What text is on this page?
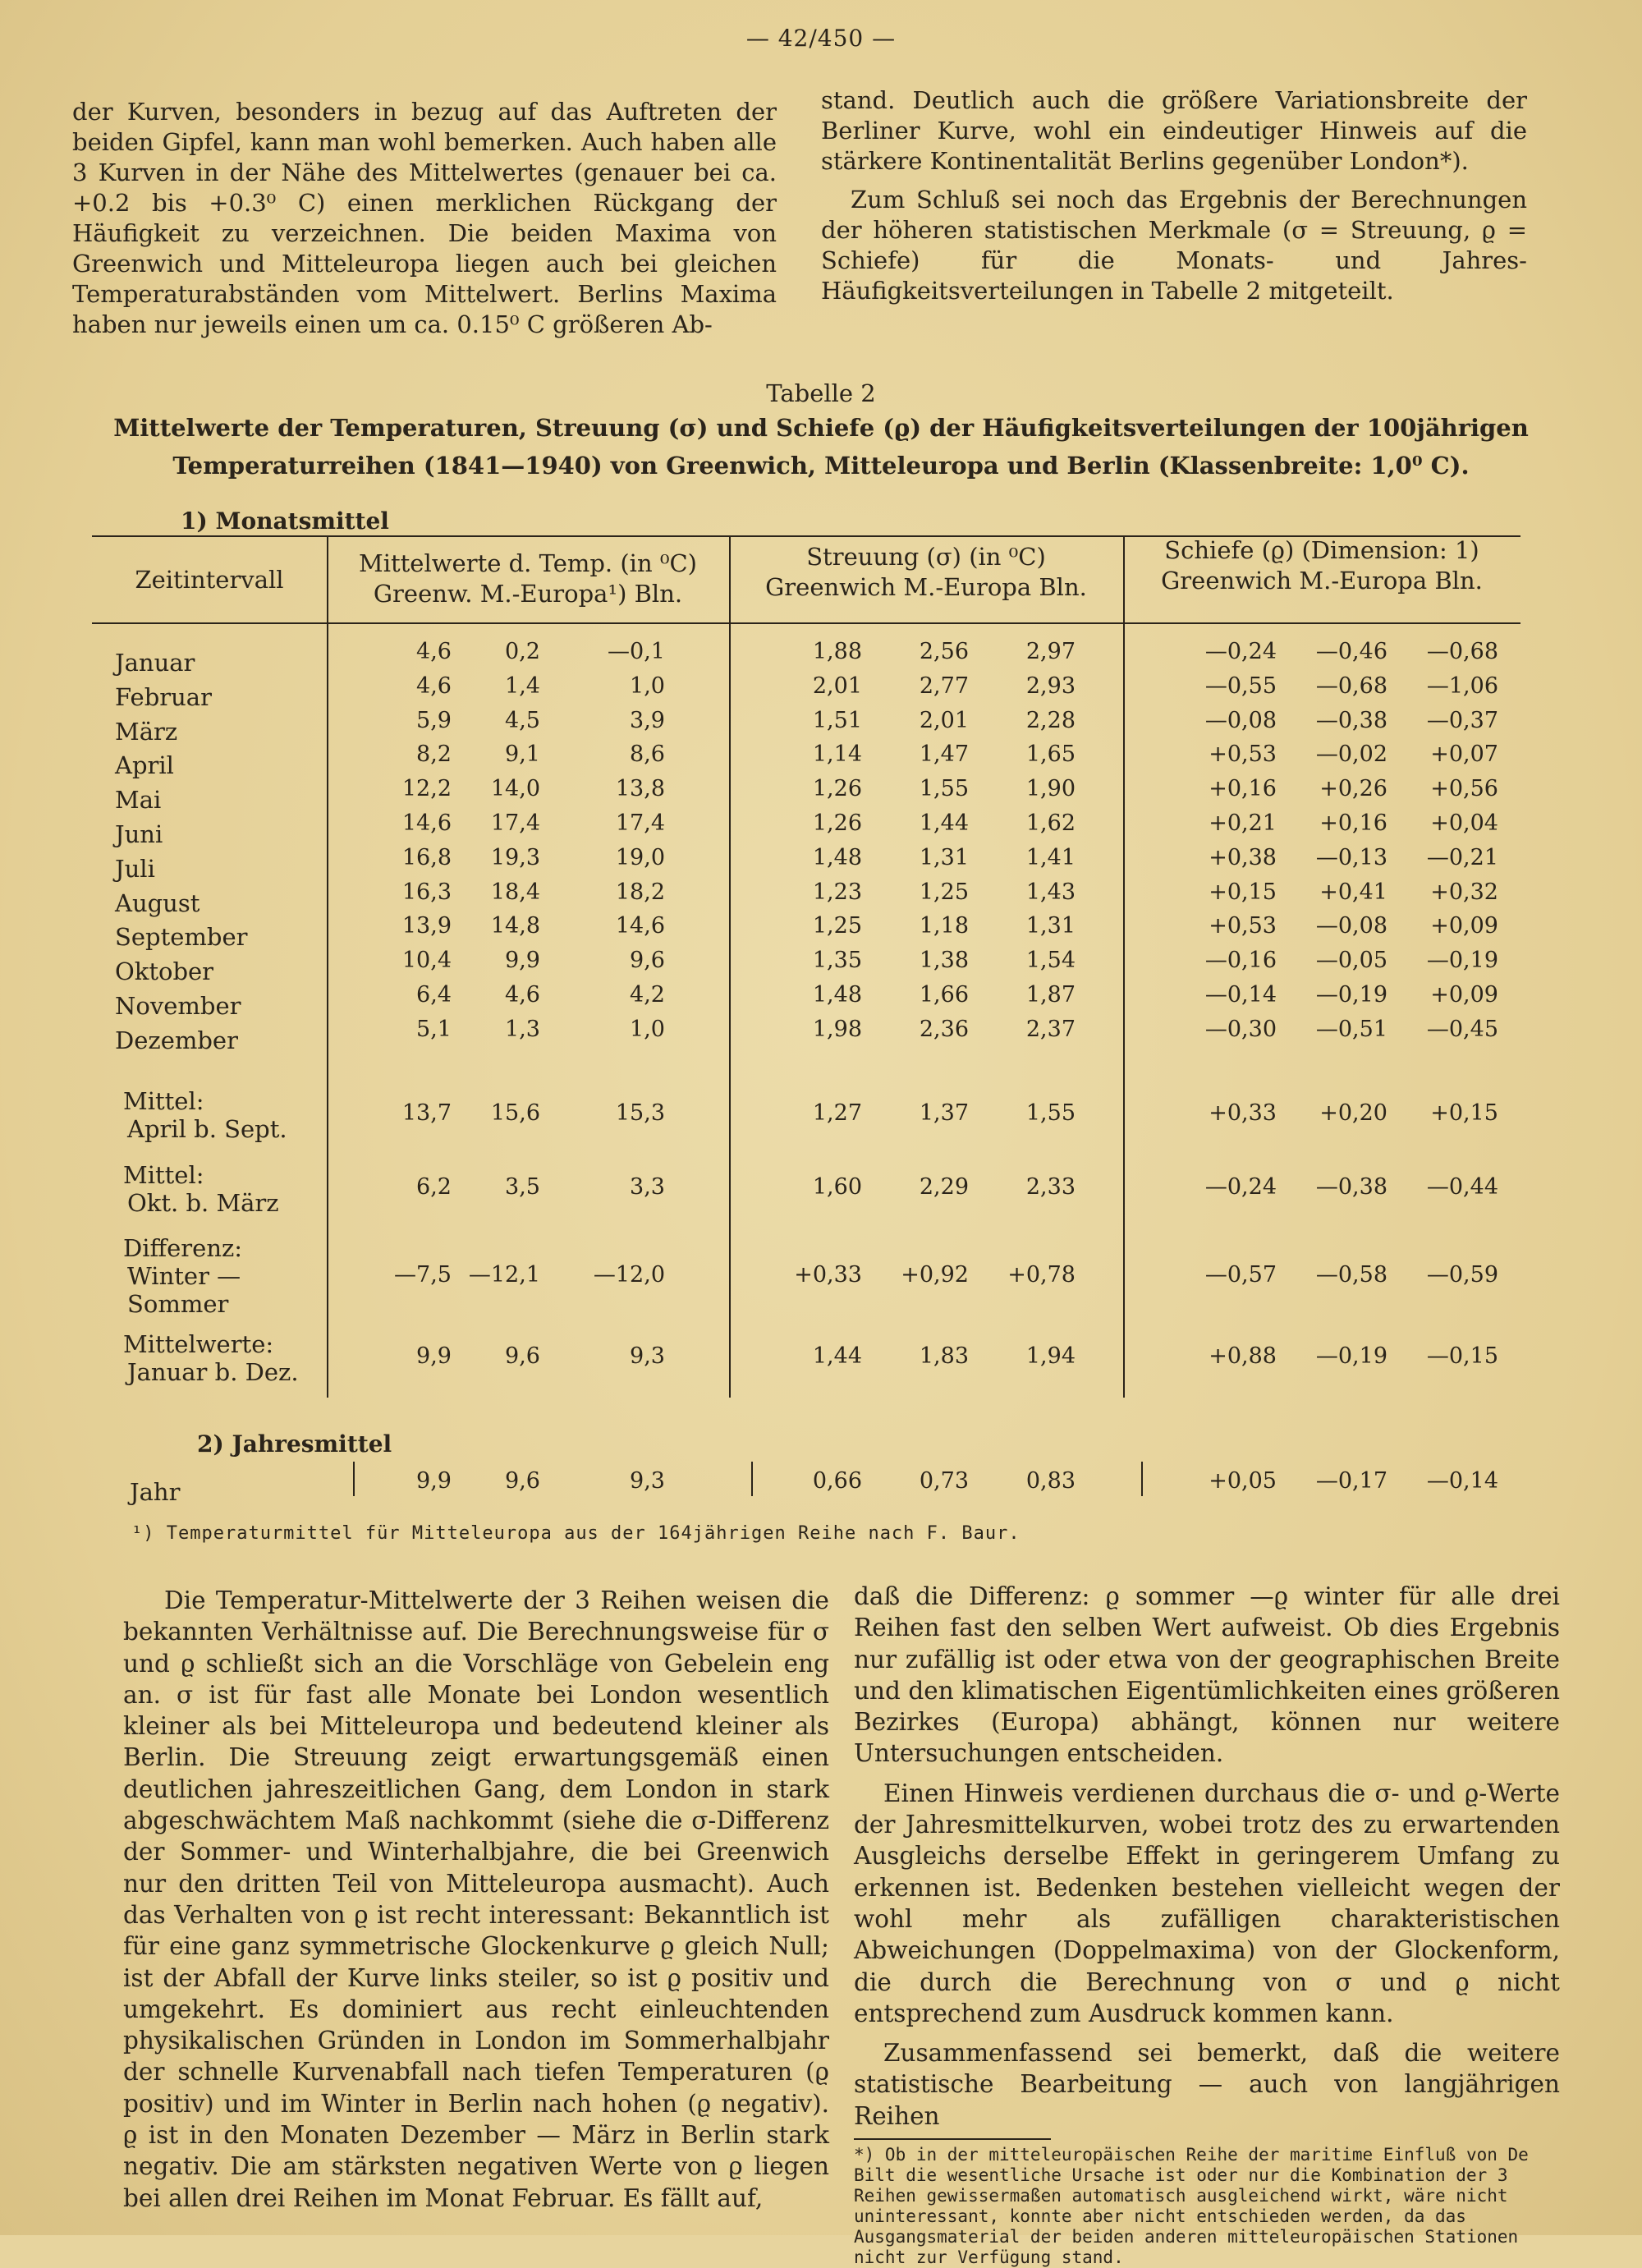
— 42/450 —

der Kurven, besonders in bezug auf das Auftreten der beiden Gipfel, kann man wohl bemerken. Auch haben alle 3 Kurven in der Nähe des Mittelwertes (genauer bei ca. +0.2 bis +0.3⁰ C) einen merklichen Rückgang der Häufigkeit zu verzeichnen. Die beiden Maxima von Greenwich und Mitteleuropa liegen auch bei gleichen Temperaturabständen vom Mittelwert. Berlins Maxima haben nur jeweils einen um ca. 0.15⁰ C größeren Ab-

stand. Deutlich auch die größere Variationsbreite der Berliner Kurve, wohl ein eindeutiger Hinweis auf die stärkere Kontinentalität Berlins gegenüber London*).

Zum Schluß sei noch das Ergebnis der Berechnungen der höheren statistischen Merkmale (σ = Streuung, ϱ = Schiefe) für die Monats- und Jahres-Häufigkeitsverteilungen in Tabelle 2 mitgeteilt.

Tabelle 2
Mittelwerte der Temperaturen, Streuung (σ) und Schiefe (ϱ) der Häufigkeitsverteilungen der 100jährigen Temperaturreihen (1841—1940) von Greenwich, Mitteleuropa und Berlin (Klassenbreite: 1,0⁰ C).
1) Monatsmittel
Zeitintervall
Mittelwerte d. Temp. (in ⁰C)
Greenw. M.-Europa¹) Bln.
Streuung (σ) (in ⁰C)
Greenwich M.-Europa Bln.
Schiefe (ϱ) (Dimension: 1)
Greenwich M.-Europa Bln.
Januar	4,6	0,2	—0,1	1,88	2,56	2,97	—0,24	—0,46	—0,68
Februar	4,6	1,4	1,0	2,01	2,77	2,93	—0,55	—0,68	—1,06
März	5,9	4,5	3,9	1,51	2,01	2,28	—0,08	—0,38	—0,37
April	8,2	9,1	8,6	1,14	1,47	1,65	+0,53	—0,02	+0,07
Mai	12,2	14,0	13,8	1,26	1,55	1,90	+0,16	+0,26	+0,56
Juni	14,6	17,4	17,4	1,26	1,44	1,62	+0,21	+0,16	+0,04
Juli	16,8	19,3	19,0	1,48	1,31	1,41	+0,38	—0,13	—0,21
August	16,3	18,4	18,2	1,23	1,25	1,43	+0,15	+0,41	+0,32
September	13,9	14,8	14,6	1,25	1,18	1,31	+0,53	—0,08	+0,09
Oktober	10,4	9,9	9,6	1,35	1,38	1,54	—0,16	—0,05	—0,19
November	6,4	4,6	4,2	1,48	1,66	1,87	—0,14	—0,19	+0,09
Dezember	5,1	1,3	1,0	1,98	2,36	2,37	—0,30	—0,51	—0,45
Mittel:
April b. Sept.
13,7	15,6	15,3	1,27	1,37	1,55	+0,33	+0,20	+0,15
Mittel:
Okt. b. März
6,2	3,5	3,3	1,60	2,29	2,33	—0,24	—0,38	—0,44
Differenz:
Winter —
Sommer
—7,5 —12,1	—12,0	+0,33	+0,92	+0,78	—0,57	—0,58	—0,59
Mittelwerte:
Januar b. Dez.
9,9	9,6	9,3	1,44	1,83	1,94	+0,88	—0,19	—0,15
2) Jahresmittel
Jahr	9,9	9,6	9,3	0,66	0,73	0,83	+0,05	—0,17	—0,14
¹) Temperaturmittel für Mitteleuropa aus der 164jährigen Reihe nach F. Baur.

Die Temperatur-Mittelwerte der 3 Reihen weisen die bekannten Verhältnisse auf. Die Berechnungsweise für σ und ϱ schließt sich an die Vorschläge von Gebelein eng an. σ ist für fast alle Monate bei London wesentlich kleiner als bei Mitteleuropa und bedeutend kleiner als Berlin. Die Streuung zeigt erwartungsgemäß einen deutlichen jahreszeitlichen Gang, dem London in stark abgeschwächtem Maß nachkommt (siehe die σ-Differenz der Sommer- und Winterhalbjahre, die bei Greenwich nur den dritten Teil von Mitteleuropa ausmacht). Auch das Verhalten von ϱ ist recht interessant: Bekanntlich ist für eine ganz symmetrische Glockenkurve ϱ gleich Null; ist der Abfall der Kurve links steiler, so ist ϱ positiv und umgekehrt. Es dominiert aus recht einleuchtenden physikalischen Gründen in London im Sommerhalbjahr der schnelle Kurvenabfall nach tiefen Temperaturen (ϱ positiv) und im Winter in Berlin nach hohen (ϱ negativ). ϱ ist in den Monaten Dezember — März in Berlin stark negativ. Die am stärksten negativen Werte von ϱ liegen bei allen drei Reihen im Monat Februar. Es fällt auf,

daß die Differenz: ϱ sommer —ϱ winter für alle drei Reihen fast den selben Wert aufweist. Ob dies Ergebnis nur zufällig ist oder etwa von der geographischen Breite und den klimatischen Eigentümlichkeiten eines größeren Bezirkes (Europa) abhängt, können nur weitere Untersuchungen entscheiden.

Einen Hinweis verdienen durchaus die σ- und ϱ-Werte der Jahresmittelkurven, wobei trotz des zu erwartenden Ausgleichs derselbe Effekt in geringerem Umfang zu erkennen ist. Bedenken bestehen vielleicht wegen der wohl mehr als zufälligen charakteristischen Abweichungen (Doppelmaxima) von der Glockenform, die durch die Berechnung von σ und ϱ nicht entsprechend zum Ausdruck kommen kann.

Zusammenfassend sei bemerkt, daß die weitere statistische Bearbeitung — auch von langjährigen Reihen

*) Ob in der mitteleuropäischen Reihe der maritime Einfluß von De Bilt die wesentliche Ursache ist oder nur die Kombination der 3 Reihen gewissermaßen automatisch ausgleichend wirkt, wäre nicht uninteressant, konnte aber nicht entschieden werden, da das Ausgangsmaterial der beiden anderen mitteleuropäischen Stationen nicht zur Verfügung stand.
